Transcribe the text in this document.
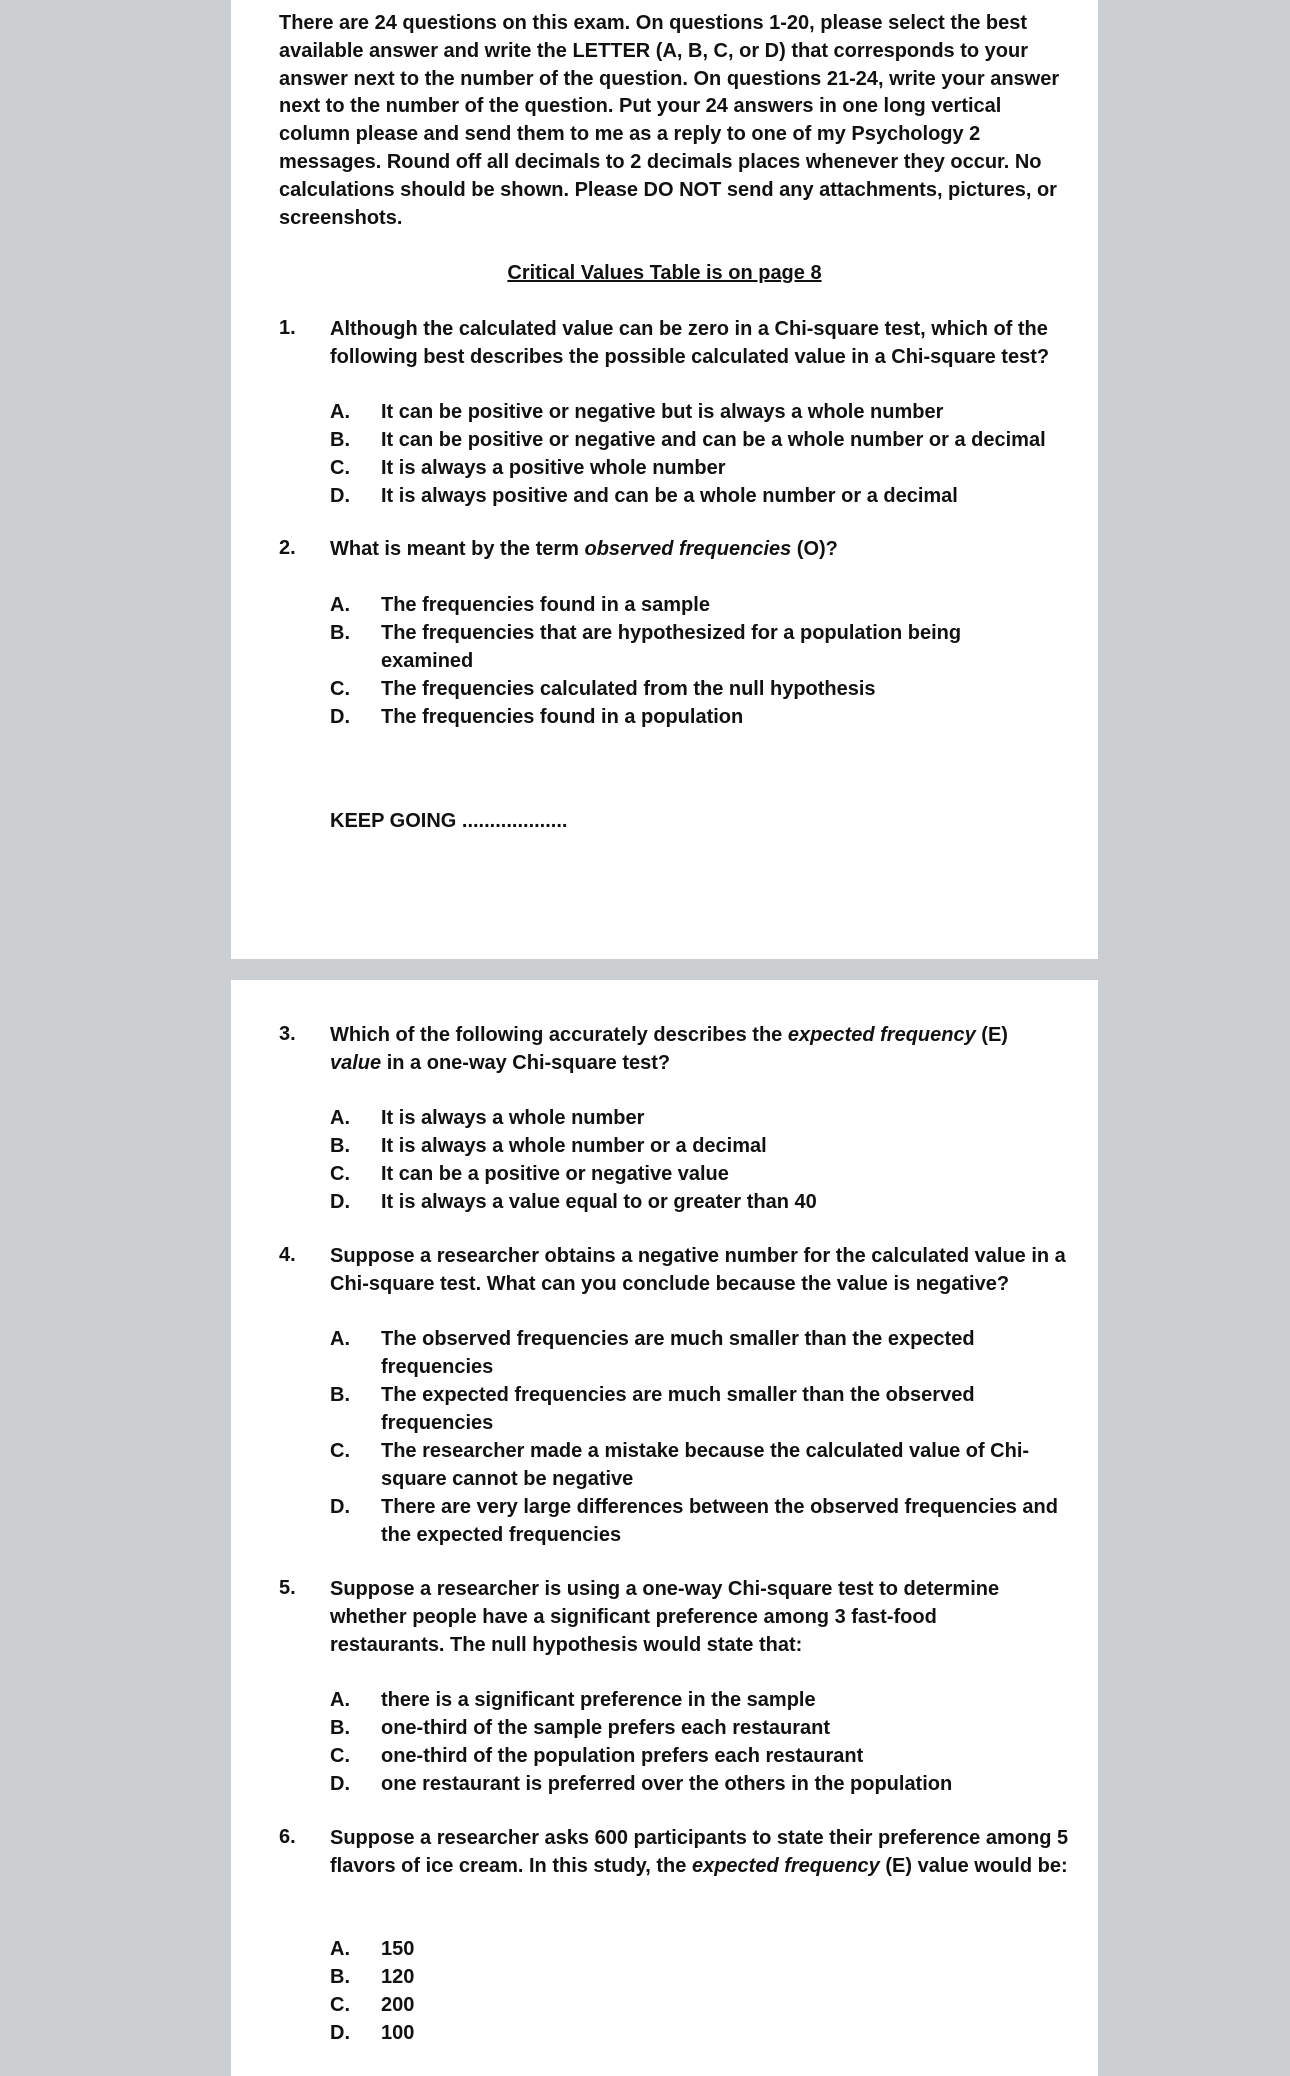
There are 24 questions on this exam. On questions 1-20, please select the best available answer and write the LETTER (A, B, C, or D) that corresponds to your answer next to the number of the question. On questions 21-24, write your answer next to the number of the question. Put your 24 answers in one long vertical column please and send them to me as a reply to one of my Psychology 2 messages. Round off all decimals to 2 decimals places whenever they occur. No calculations should be shown. Please DO NOT send any attachments, pictures, or screenshots.
Critical Values Table is on page 8
1. Although the calculated value can be zero in a Chi-square test, which of the following best describes the possible calculated value in a Chi-square test?
A. It can be positive or negative but is always a whole number
B. It can be positive or negative and can be a whole number or a decimal
C. It is always a positive whole number
D. It is always positive and can be a whole number or a decimal
2. What is meant by the term observed frequencies (O)?
A. The frequencies found in a sample
B. The frequencies that are hypothesized for a population being examined
C. The frequencies calculated from the null hypothesis
D. The frequencies found in a population
KEEP GOING ...................
3. Which of the following accurately describes the expected frequency (E) value in a one-way Chi-square test?
A. It is always a whole number
B. It is always a whole number or a decimal
C. It can be a positive or negative value
D. It is always a value equal to or greater than 40
4. Suppose a researcher obtains a negative number for the calculated value in a Chi-square test. What can you conclude because the value is negative?
A. The observed frequencies are much smaller than the expected frequencies
B. The expected frequencies are much smaller than the observed frequencies
C. The researcher made a mistake because the calculated value of Chi-square cannot be negative
D. There are very large differences between the observed frequencies and the expected frequencies
5. Suppose a researcher is using a one-way Chi-square test to determine whether people have a significant preference among 3 fast-food restaurants. The null hypothesis would state that:
A. there is a significant preference in the sample
B. one-third of the sample prefers each restaurant
C. one-third of the population prefers each restaurant
D. one restaurant is preferred over the others in the population
6. Suppose a researcher asks 600 participants to state their preference among 5 flavors of ice cream. In this study, the expected frequency (E) value would be:
A. 150
B. 120
C. 200
D. 100
